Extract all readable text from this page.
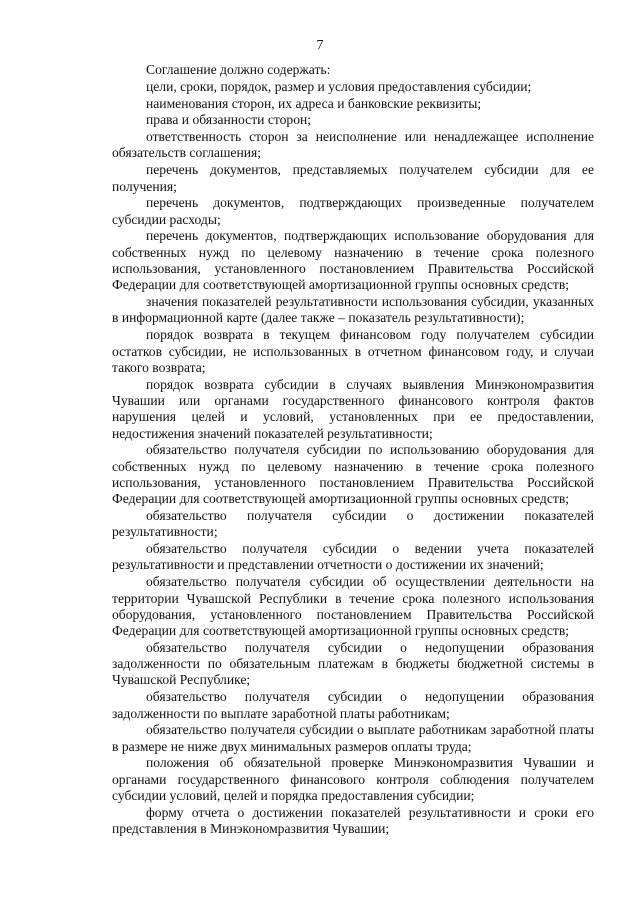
7

Соглашение должно содержать:

цели, сроки, порядок, размер и условия предоставления субсидии;

наименования сторон, их адреса и банковские реквизиты;

права и обязанности сторон;

ответственность сторон за неисполнение или ненадлежащее исполнение обязательств соглашения;

перечень документов, представляемых получателем субсидии для ее получения;

перечень документов, подтверждающих произведенные получателем субсидии расходы;

перечень документов, подтверждающих использование оборудования для собственных нужд по целевому назначению в течение срока полезного использования, установленного постановлением Правительства Российской Федерации для соответствующей амортизационной группы основных средств;

значения показателей результативности использования субсидии, указанных в информационной карте (далее также – показатель результативности);

порядок возврата в текущем финансовом году получателем субсидии остатков субсидии, не использованных в отчетном финансовом году, и случаи такого возврата;

порядок возврата субсидии в случаях выявления Минэкономразвития Чувашии или органами государственного финансового контроля фактов нарушения целей и условий, установленных при ее предоставлении, недостижения значений показателей результативности;

обязательство получателя субсидии по использованию оборудования для собственных нужд по целевому назначению в течение срока полезного использования, установленного постановлением Правительства Российской Федерации для соответствующей амортизационной группы основных средств;

обязательство получателя субсидии о достижении показателей результативности;

обязательство получателя субсидии о ведении учета показателей результативности и представлении отчетности о достижении их значений;

обязательство получателя субсидии об осуществлении деятельности на территории Чувашской Республики в течение срока полезного использования оборудования, установленного постановлением Правительства Российской Федерации для соответствующей амортизационной группы основных средств;

обязательство получателя субсидии о недопущении образования задолженности по обязательным платежам в бюджеты бюджетной системы в Чувашской Республике;

обязательство получателя субсидии о недопущении образования задолженности по выплате заработной платы работникам;

обязательство получателя субсидии о выплате работникам заработной платы в размере не ниже двух минимальных размеров оплаты труда;

положения об обязательной проверке Минэкономразвития Чувашии и органами государственного финансового контроля соблюдения получателем субсидии условий, целей и порядка предоставления субсидии;

форму отчета о достижении показателей результативности и сроки его представления в Минэкономразвития Чувашии;
